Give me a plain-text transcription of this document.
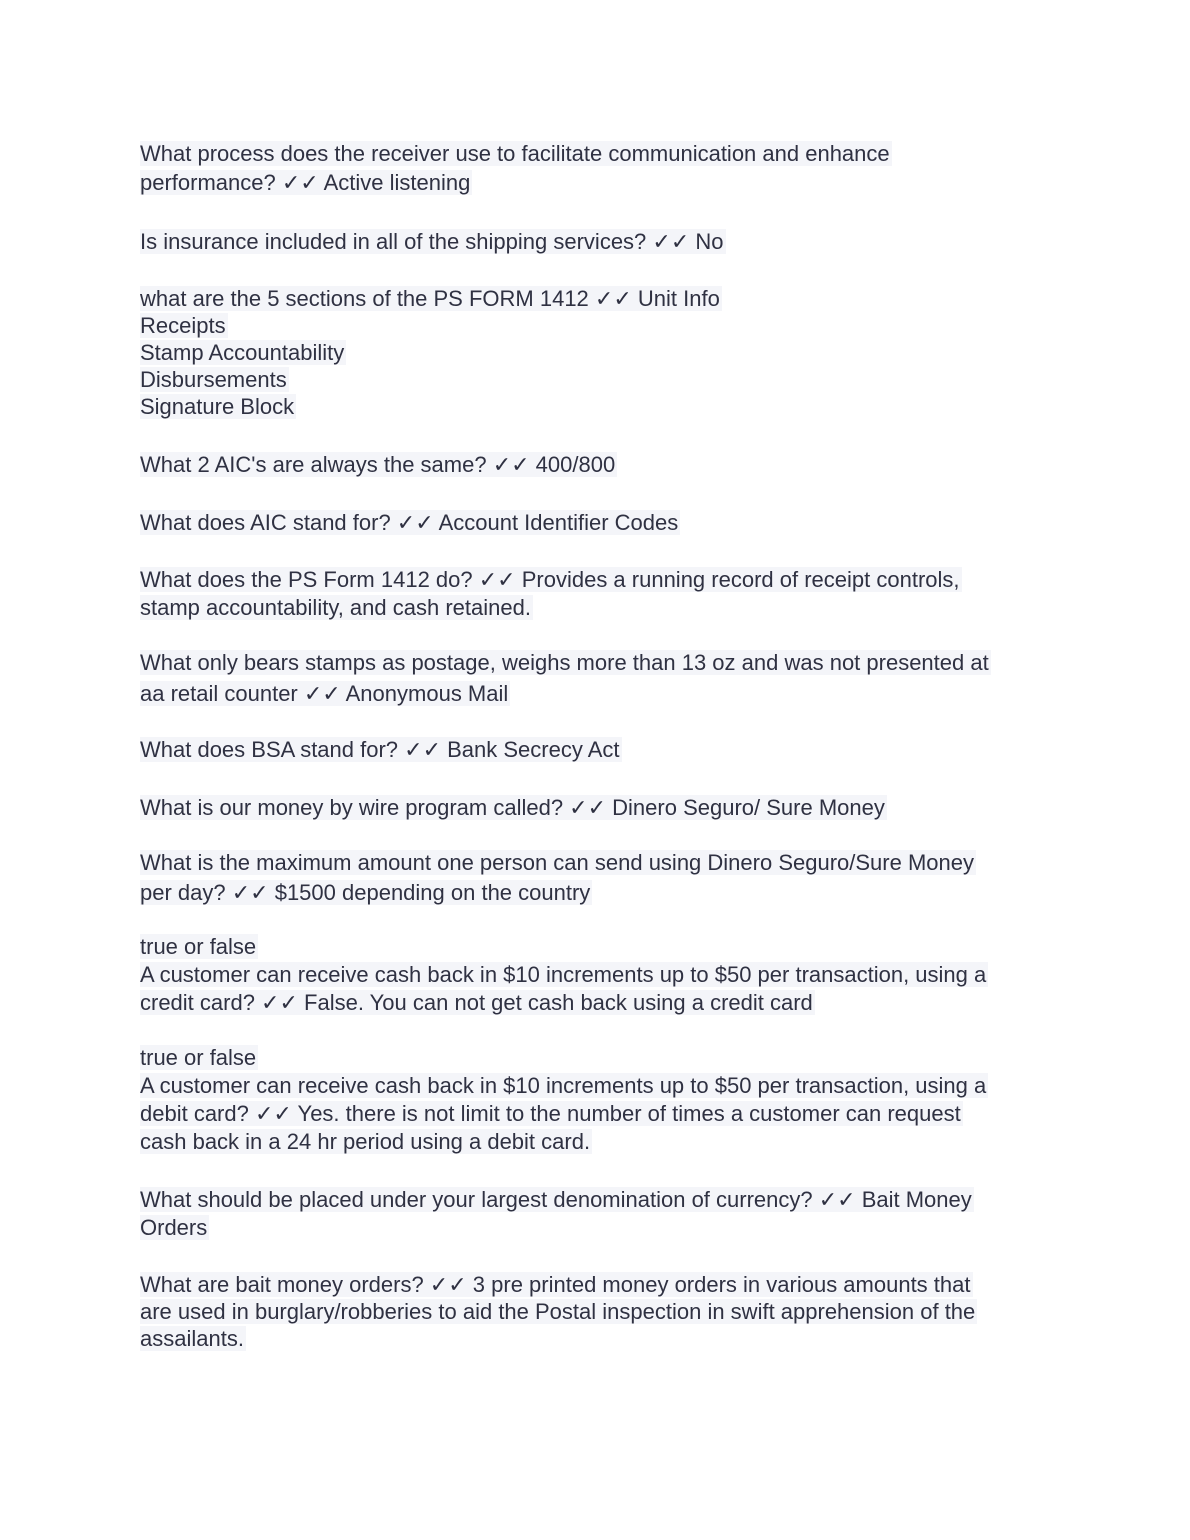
What process does the receiver use to facilitate communication and enhance
performance? ✓✓ Active listening
Is insurance included in all of the shipping services? ✓✓ No
what are the 5 sections of the PS FORM 1412 ✓✓ Unit Info
Receipts
Stamp Accountability
Disbursements
Signature Block
What 2 AIC's are always the same? ✓✓ 400/800
What does AIC stand for? ✓✓ Account Identifier Codes
What does the PS Form 1412 do? ✓✓ Provides a running record of receipt controls,
stamp accountability, and cash retained.
What only bears stamps as postage, weighs more than 13 oz and was not presented at
aa retail counter ✓✓ Anonymous Mail
What does BSA stand for? ✓✓ Bank Secrecy Act
What is our money by wire program called? ✓✓ Dinero Seguro/ Sure Money
What is the maximum amount one person can send using Dinero Seguro/Sure Money
per day? ✓✓ $1500 depending on the country
true or false
A customer can receive cash back in $10 increments up to $50 per transaction, using a
credit card? ✓✓ False. You can not get cash back using a credit card
true or false
A customer can receive cash back in $10 increments up to $50 per transaction, using a
debit card? ✓✓ Yes. there is not limit to the number of times a customer can request
cash back in a 24 hr period using a debit card.
What should be placed under your largest denomination of currency? ✓✓ Bait Money
Orders
What are bait money orders? ✓✓ 3 pre printed money orders in various amounts that
are used in burglary/robberies to aid the Postal inspection in swift apprehension of the
assailants.
